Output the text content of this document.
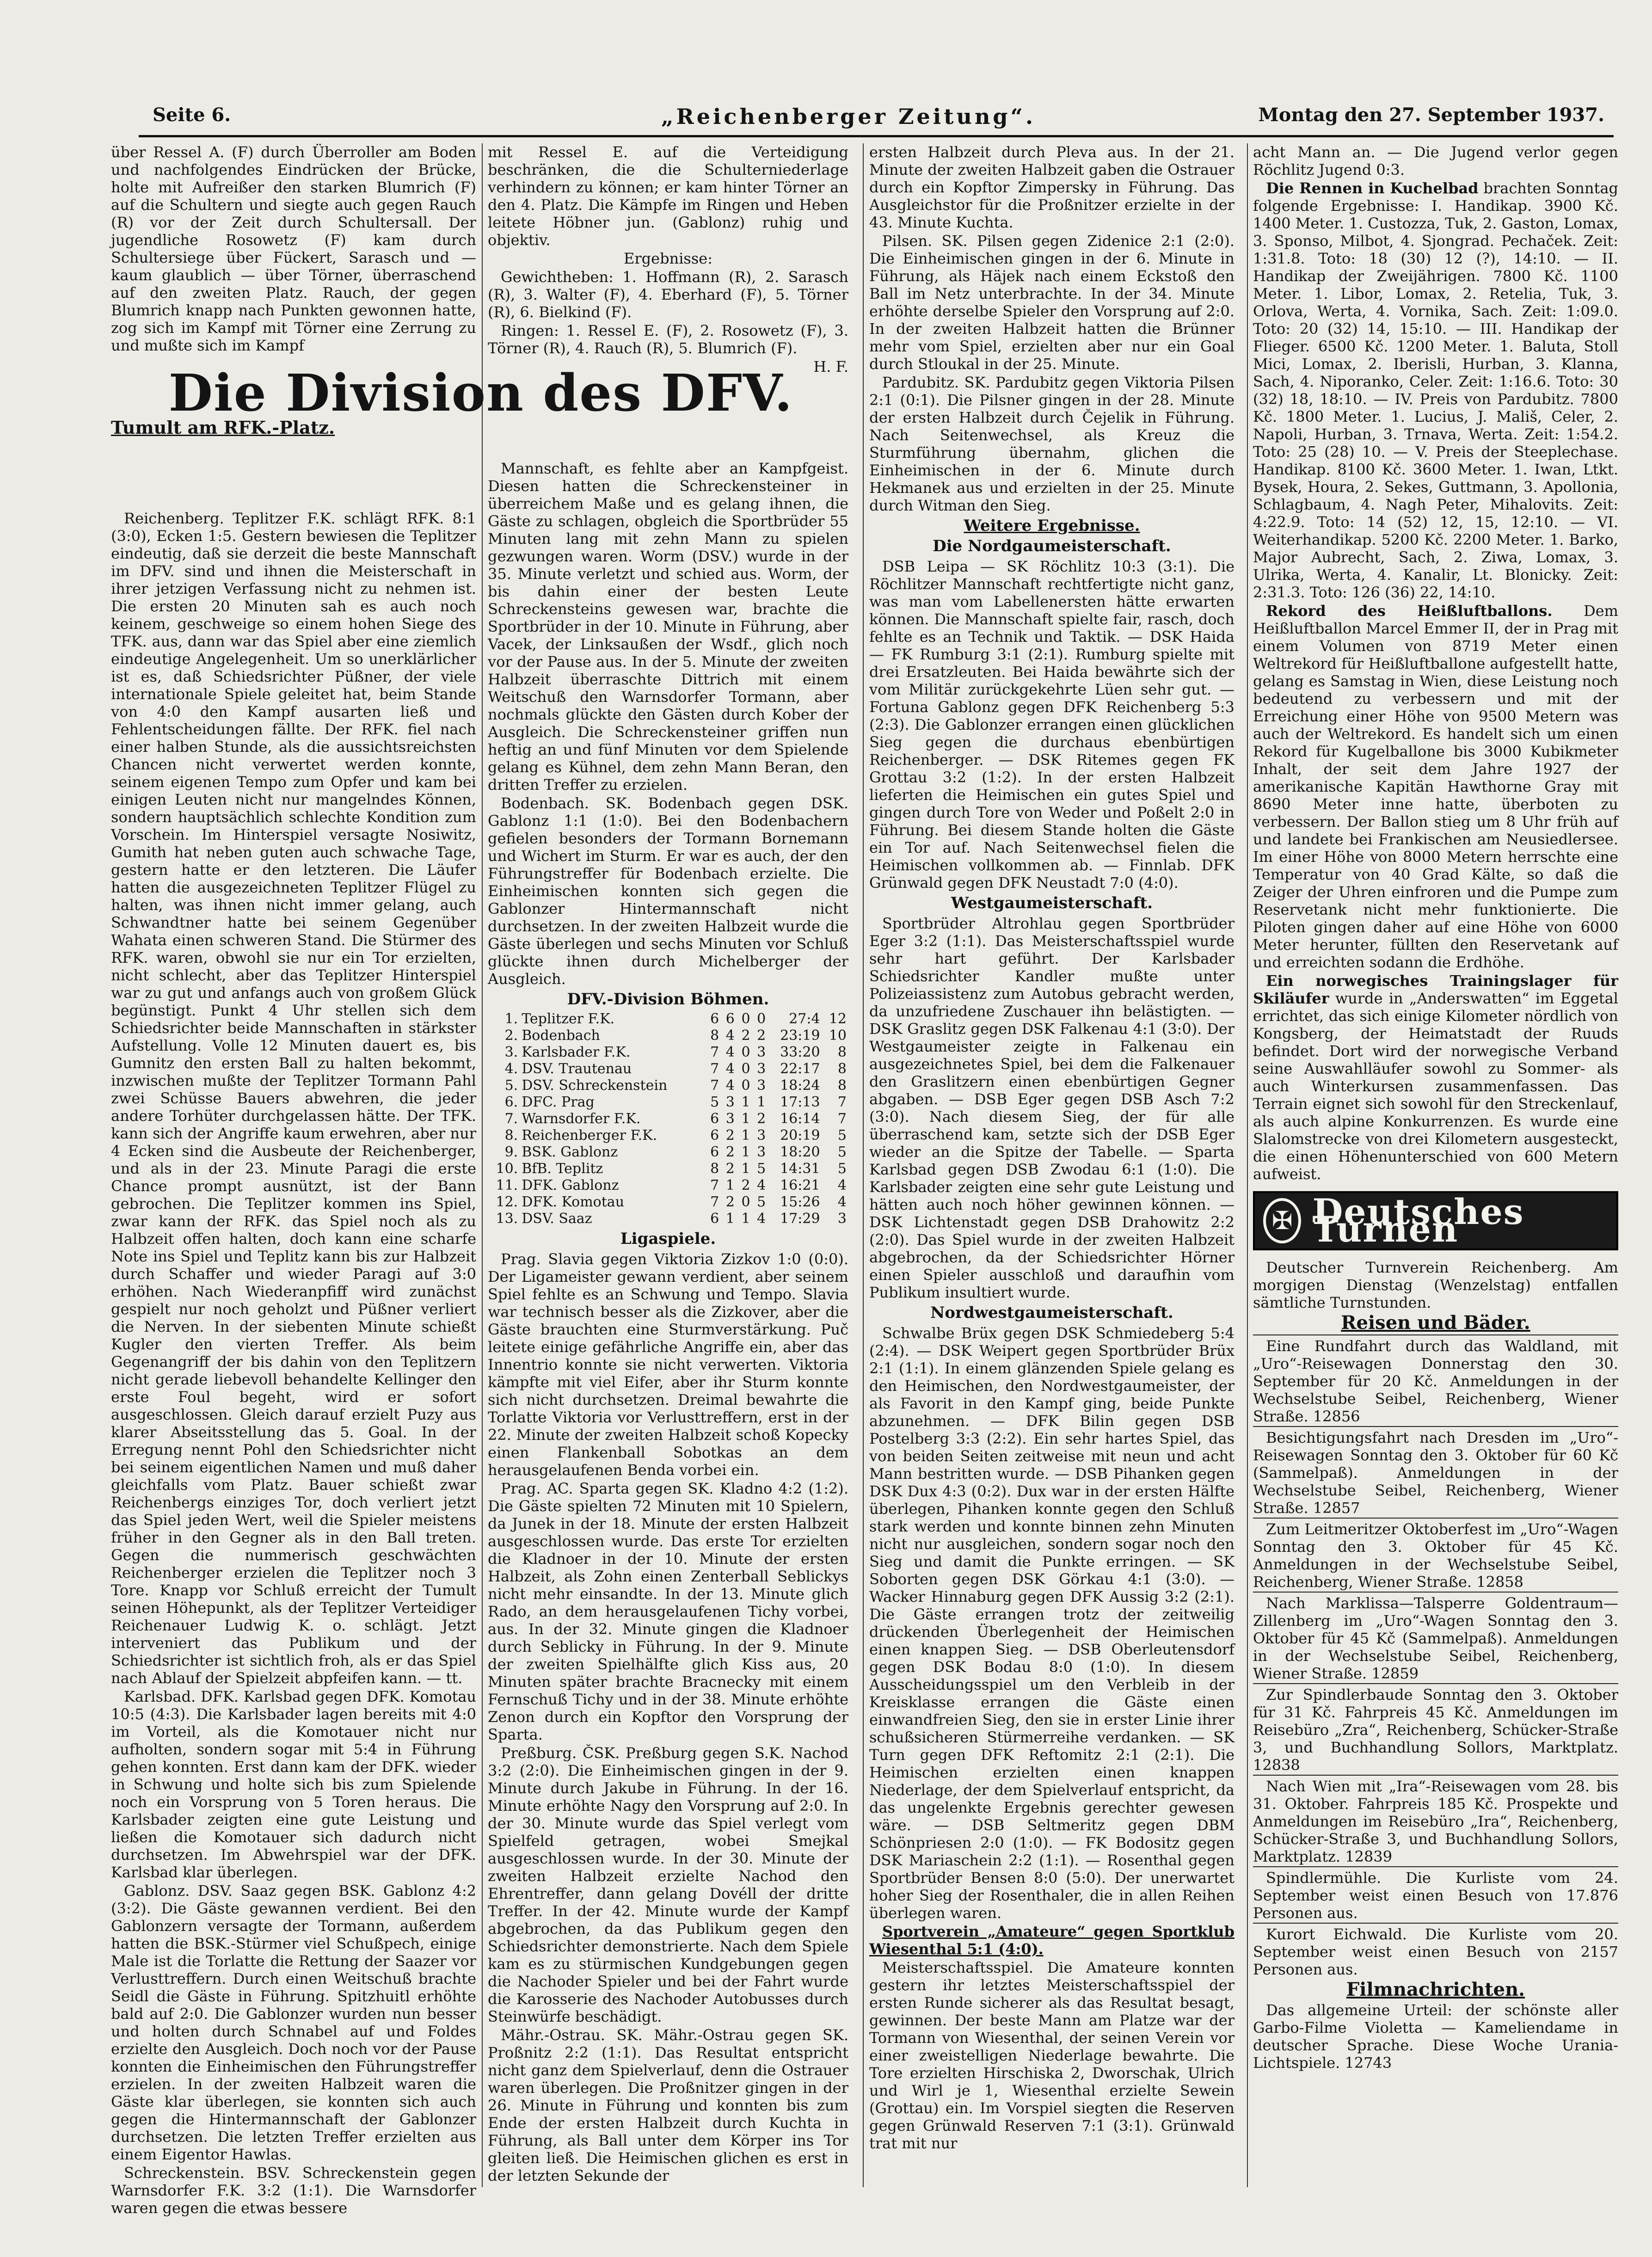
Seite 6.	„Reichenberger Zeitung“.	Montag den 27. September 1937.

über Ressel A. (F) durch Überroller am Boden und nachfolgendes Eindrücken der Brücke, holte mit Aufreißer den starken Blumrich (F) auf die Schultern und siegte auch gegen Rauch (R) vor der Zeit durch Schultersall. Der jugendliche Rosowetz (F) kam durch Schultersiege über Fückert, Sarasch und — kaum glaublich — über Törner, überraschend auf den zweiten Platz. Rauch, der gegen Blumrich knapp nach Punkten gewonnen hatte, zog sich im Kampf mit Törner eine Zerrung zu und mußte sich im Kampf

Tumult am RFK.-Platz.

Reichenberg. Teplitzer F.K. schlägt RFK. 8:1 (3:0), Ecken 1:5. Gestern bewiesen die Teplitzer eindeutig, daß sie derzeit die beste Mannschaft im DFV. sind und ihnen die Meisterschaft in ihrer jetzigen Verfassung nicht zu nehmen ist. Die ersten 20 Minuten sah es auch noch keinem, geschweige so einem hohen Siege des TFK. aus, dann war das Spiel aber eine ziemlich eindeutige Angelegenheit. Um so unerklärlicher ist es, daß Schiedsrichter Püßner, der viele internationale Spiele geleitet hat, beim Stande von 4:0 den Kampf ausarten ließ und Fehlentscheidungen fällte. Der RFK. fiel nach einer halben Stunde, als die aussichtsreichsten Chancen nicht verwertet werden konnte, seinem eigenen Tempo zum Opfer und kam bei einigen Leuten nicht nur mangelndes Können, sondern hauptsächlich schlechte Kondition zum Vorschein. Im Hinterspiel versagte Nosiwitz, Gumith hat neben guten auch schwache Tage, gestern hatte er den letzteren. Die Läufer hatten die ausgezeichneten Teplitzer Flügel zu halten, was ihnen nicht immer gelang, auch Schwandtner hatte bei seinem Gegenüber Wahata einen schweren Stand. Die Stürmer des RFK. waren, obwohl sie nur ein Tor erzielten, nicht schlecht, aber das Teplitzer Hinterspiel war zu gut und anfangs auch von großem Glück begünstigt. Punkt 4 Uhr stellen sich dem Schiedsrichter beide Mannschaften in stärkster Aufstellung. Volle 12 Minuten dauert es, bis Gumnitz den ersten Ball zu halten bekommt, inzwischen mußte der Teplitzer Tormann Pahl zwei Schüsse Bauers abwehren, die jeder andere Torhüter durchgelassen hätte. Der TFK. kann sich der Angriffe kaum erwehren, aber nur 4 Ecken sind die Ausbeute der Reichenberger, und als in der 23. Minute Paragi die erste Chance prompt ausnützt, ist der Bann gebrochen. Die Teplitzer kommen ins Spiel, zwar kann der RFK. das Spiel noch als zu Halbzeit offen halten, doch kann eine scharfe Note ins Spiel und Teplitz kann bis zur Halbzeit durch Schaffer und wieder Paragi auf 3:0 erhöhen. Nach Wiederanpfiff wird zunächst gespielt nur noch geholzt und Püßner verliert die Nerven. In der siebenten Minute schießt Kugler den vierten Treffer. Als beim Gegenangriff der bis dahin von den Teplitzern nicht gerade liebevoll behandelte Kellinger den erste Foul begeht, wird er sofort ausgeschlossen. Gleich darauf erzielt Puzy aus klarer Abseitsstellung das 5. Goal. In der Erregung nennt Pohl den Schiedsrichter nicht bei seinem eigentlichen Namen und muß daher gleichfalls vom Platz. Bauer schießt zwar Reichenbergs einziges Tor, doch verliert jetzt das Spiel jeden Wert, weil die Spieler meistens früher in den Gegner als in den Ball treten. Gegen die nummerisch geschwächten Reichenberger erzielen die Teplitzer noch 3 Tore. Knapp vor Schluß erreicht der Tumult seinen Höhepunkt, als der Teplitzer Verteidiger Reichenauer Ludwig K. o. schlägt. Jetzt interveniert das Publikum und der Schiedsrichter ist sichtlich froh, als er das Spiel nach Ablauf der Spielzeit abpfeifen kann. — tt.

Karlsbad. DFK. Karlsbad gegen DFK. Komotau 10:5 (4:3). Die Karlsbader lagen bereits mit 4:0 im Vorteil, als die Komotauer nicht nur aufholten, sondern sogar mit 5:4 in Führung gehen konnten. Erst dann kam der DFK. wieder in Schwung und holte sich bis zum Spielende noch ein Vorsprung von 5 Toren heraus. Die Karlsbader zeigten eine gute Leistung und ließen die Komotauer sich dadurch nicht durchsetzen. Im Abwehrspiel war der DFK. Karlsbad klar überlegen.

Gablonz. DSV. Saaz gegen BSK. Gablonz 4:2 (3:2). Die Gäste gewannen verdient. Bei den Gablonzern versagte der Tormann, außerdem hatten die BSK.-Stürmer viel Schußpech, einige Male ist die Torlatte die Rettung der Saazer vor Verlusttreffern. Durch einen Weitschuß brachte Seidl die Gäste in Führung. Spitzhuitl erhöhte bald auf 2:0. Die Gablonzer wurden nun besser und holten durch Schnabel auf und Foldes erzielte den Ausgleich. Doch noch vor der Pause konnten die Einheimischen den Führungstreffer erzielen. In der zweiten Halbzeit waren die Gäste klar überlegen, sie konnten sich auch gegen die Hintermannschaft der Gablonzer durchsetzen. Die letzten Treffer erzielten aus einem Eigentor Hawlas.

Schreckenstein. BSV. Schreckenstein gegen Warnsdorfer F.K. 3:2 (1:1). Die Warnsdorfer waren gegen die etwas bessere

Die Division des DFV.

mit Ressel E. auf die Verteidigung beschränken, die die Schulterniederlage verhindern zu können; er kam hinter Törner an den 4. Platz. Die Kämpfe im Ringen und Heben leitete Höbner jun. (Gablonz) ruhig und objektiv.

Ergebnisse:

Gewichtheben: 1. Hoffmann (R), 2. Sarasch (R), 3. Walter (F), 4. Eberhard (F), 5. Törner (R), 6. Bielkind (F).

Ringen: 1. Ressel E. (F), 2. Rosowetz (F), 3. Törner (R), 4. Rauch (R), 5. Blumrich (F).

H. F.

Mannschaft, es fehlte aber an Kampfgeist. Diesen hatten die Schreckensteiner in überreichem Maße und es gelang ihnen, die Gäste zu schlagen, obgleich die Sportbrüder 55 Minuten lang mit zehn Mann zu spielen gezwungen waren. Worm (DSV.) wurde in der 35. Minute verletzt und schied aus. Worm, der bis dahin einer der besten Leute Schreckensteins gewesen war, brachte die Sportbrüder in der 10. Minute in Führung, aber Vacek, der Linksaußen der Wsdf., glich noch vor der Pause aus. In der 5. Minute der zweiten Halbzeit überraschte Dittrich mit einem Weitschuß den Warnsdorfer Tormann, aber nochmals glückte den Gästen durch Kober der Ausgleich. Die Schreckensteiner griffen nun heftig an und fünf Minuten vor dem Spielende gelang es Kühnel, dem zehn Mann Beran, den dritten Treffer zu erzielen.

Bodenbach. SK. Bodenbach gegen DSK. Gablonz 1:1 (1:0). Bei den Bodenbachern gefielen besonders der Tormann Bornemann und Wichert im Sturm. Er war es auch, der den Führungstreffer für Bodenbach erzielte. Die Einheimischen konnten sich gegen die Gablonzer Hintermannschaft nicht durchsetzen. In der zweiten Halbzeit wurde die Gäste überlegen und sechs Minuten vor Schluß glückte ihnen durch Michelberger der Ausgleich.

DFV.-Division Böhmen.
1.	Teplitzer F.K.	6	6	0	0	27:4	12
2.	Bodenbach	8	4	2	2	23:19	10
3.	Karlsbader F.K.	7	4	0	3	33:20	8
4.	DSV. Trautenau	7	4	0	3	22:17	8
5.	DSV. Schreckenstein	7	4	0	3	18:24	8
6.	DFC. Prag	5	3	1	1	17:13	7
7.	Warnsdorfer F.K.	6	3	1	2	16:14	7
8.	Reichenberger F.K.	6	2	1	3	20:19	5
9.	BSK. Gablonz	6	2	1	3	18:20	5
10.	BfB. Teplitz	8	2	1	5	14:31	5
11.	DFK. Gablonz	7	1	2	4	16:21	4
12.	DFK. Komotau	7	2	0	5	15:26	4
13.	DSV. Saaz	6	1	1	4	17:29	3
Ligaspiele.

Prag. Slavia gegen Viktoria Zizkov 1:0 (0:0). Der Ligameister gewann verdient, aber seinem Spiel fehlte es an Schwung und Tempo. Slavia war technisch besser als die Zizkover, aber die Gäste brauchten eine Sturmverstärkung. Puč leitete einige gefährliche Angriffe ein, aber das Innentrio konnte sie nicht verwerten. Viktoria kämpfte mit viel Eifer, aber ihr Sturm konnte sich nicht durchsetzen. Dreimal bewahrte die Torlatte Viktoria vor Verlusttreffern, erst in der 22. Minute der zweiten Halbzeit schoß Kopecky einen Flankenball Sobotkas an dem herausgelaufenen Benda vorbei ein.

Prag. AC. Sparta gegen SK. Kladno 4:2 (1:2). Die Gäste spielten 72 Minuten mit 10 Spielern, da Junek in der 18. Minute der ersten Halbzeit ausgeschlossen wurde. Das erste Tor erzielten die Kladnoer in der 10. Minute der ersten Halbzeit, als Zohn einen Zenterball Seblickys nicht mehr einsandte. In der 13. Minute glich Rado, an dem herausgelaufenen Tichy vorbei, aus. In der 32. Minute gingen die Kladnoer durch Seblicky in Führung. In der 9. Minute der zweiten Spielhälfte glich Kiss aus, 20 Minuten später brachte Bracnecky mit einem Fernschuß Tichy und in der 38. Minute erhöhte Zenon durch ein Kopftor den Vorsprung der Sparta.

Preßburg. ČSK. Preßburg gegen S.K. Nachod 3:2 (2:0). Die Einheimischen gingen in der 9. Minute durch Jakube in Führung. In der 16. Minute erhöhte Nagy den Vorsprung auf 2:0. In der 30. Minute wurde das Spiel verlegt vom Spielfeld getragen, wobei Smejkal ausgeschlossen wurde. In der 30. Minute der zweiten Halbzeit erzielte Nachod den Ehrentreffer, dann gelang Dovéll der dritte Treffer. In der 42. Minute wurde der Kampf abgebrochen, da das Publikum gegen den Schiedsrichter demonstrierte. Nach dem Spiele kam es zu stürmischen Kundgebungen gegen die Nachoder Spieler und bei der Fahrt wurde die Karosserie des Nachoder Autobusses durch Steinwürfe beschädigt.

Mähr.-Ostrau. SK. Mähr.-Ostrau gegen SK. Proßnitz 2:2 (1:1). Das Resultat entspricht nicht ganz dem Spielverlauf, denn die Ostrauer waren überlegen. Die Proßnitzer gingen in der 26. Minute in Führung und konnten bis zum Ende der ersten Halbzeit durch Kuchta in Führung, als Ball unter dem Körper ins Tor gleiten ließ. Die Heimischen glichen es erst in der letzten Sekunde der

ersten Halbzeit durch Pleva aus. In der 21. Minute der zweiten Halbzeit gaben die Ostrauer durch ein Kopftor Zimpersky in Führung. Das Ausgleichstor für die Proßnitzer erzielte in der 43. Minute Kuchta.

Pilsen. SK. Pilsen gegen Zidenice 2:1 (2:0). Die Einheimischen gingen in der 6. Minute in Führung, als Häjek nach einem Eckstoß den Ball im Netz unterbrachte. In der 34. Minute erhöhte derselbe Spieler den Vorsprung auf 2:0. In der zweiten Halbzeit hatten die Brünner mehr vom Spiel, erzielten aber nur ein Goal durch Stloukal in der 25. Minute.

Pardubitz. SK. Pardubitz gegen Viktoria Pilsen 2:1 (0:1). Die Pilsner gingen in der 28. Minute der ersten Halbzeit durch Čejelik in Führung. Nach Seitenwechsel, als Kreuz die Sturmführung übernahm, glichen die Einheimischen in der 6. Minute durch Hekmanek aus und erzielten in der 25. Minute durch Witman den Sieg.

Weitere Ergebnisse.
Die Nordgaumeisterschaft.

DSB Leipa — SK Röchlitz 10:3 (3:1). Die Röchlitzer Mannschaft rechtfertigte nicht ganz, was man vom Labellenersten hätte erwarten können. Die Mannschaft spielte fair, rasch, doch fehlte es an Technik und Taktik. — DSK Haida — FK Rumburg 3:1 (2:1). Rumburg spielte mit drei Ersatzleuten. Bei Haida bewährte sich der vom Militär zurückgekehrte Lüen sehr gut. — Fortuna Gablonz gegen DFK Reichenberg 5:3 (2:3). Die Gablonzer errangen einen glücklichen Sieg gegen die durchaus ebenbürtigen Reichenberger. — DSK Ritemes gegen FK Grottau 3:2 (1:2). In der ersten Halbzeit lieferten die Heimischen ein gutes Spiel und gingen durch Tore von Weder und Poßelt 2:0 in Führung. Bei diesem Stande holten die Gäste ein Tor auf. Nach Seitenwechsel fielen die Heimischen vollkommen ab. — Finnlab. DFK Grünwald gegen DFK Neustadt 7:0 (4:0).

Westgaumeisterschaft.

Sportbrüder Altrohlau gegen Sportbrüder Eger 3:2 (1:1). Das Meisterschaftsspiel wurde sehr hart geführt. Der Karlsbader Schiedsrichter Kandler mußte unter Polizeiassistenz zum Autobus gebracht werden, da unzufriedene Zuschauer ihn belästigten. — DSK Graslitz gegen DSK Falkenau 4:1 (3:0). Der Westgaumeister zeigte in Falkenau ein ausgezeichnetes Spiel, bei dem die Falkenauer den Graslitzern einen ebenbürtigen Gegner abgaben. — DSB Eger gegen DSB Asch 7:2 (3:0). Nach diesem Sieg, der für alle überraschend kam, setzte sich der DSB Eger wieder an die Spitze der Tabelle. — Sparta Karlsbad gegen DSB Zwodau 6:1 (1:0). Die Karlsbader zeigten eine sehr gute Leistung und hätten auch noch höher gewinnen können. — DSK Lichtenstadt gegen DSB Drahowitz 2:2 (2:0). Das Spiel wurde in der zweiten Halbzeit abgebrochen, da der Schiedsrichter Hörner einen Spieler ausschloß und daraufhin vom Publikum insultiert wurde.

Nordwestgaumeisterschaft.

Schwalbe Brüx gegen DSK Schmiedeberg 5:4 (2:4). — DSK Weipert gegen Sportbrüder Brüx 2:1 (1:1). In einem glänzenden Spiele gelang es den Heimischen, den Nordwestgaumeister, der als Favorit in den Kampf ging, beide Punkte abzunehmen. — DFK Bilin gegen DSB Postelberg 3:3 (2:2). Ein sehr hartes Spiel, das von beiden Seiten zeitweise mit neun und acht Mann bestritten wurde. — DSB Pihanken gegen DSK Dux 4:3 (0:2). Dux war in der ersten Hälfte überlegen, Pihanken konnte gegen den Schluß stark werden und konnte binnen zehn Minuten nicht nur ausgleichen, sondern sogar noch den Sieg und damit die Punkte erringen. — SK Soborten gegen DSK Görkau 4:1 (3:0). — Wacker Hinnaburg gegen DFK Aussig 3:2 (2:1). Die Gäste errangen trotz der zeitweilig drückenden Überlegenheit der Heimischen einen knappen Sieg. — DSB Oberleutensdorf gegen DSK Bodau 8:0 (1:0). In diesem Ausscheidungsspiel um den Verbleib in der Kreisklasse errangen die Gäste einen einwandfreien Sieg, den sie in erster Linie ihrer schußsicheren Stürmerreihe verdanken. — SK Turn gegen DFK Reftomitz 2:1 (2:1). Die Heimischen erzielten einen knappen Niederlage, der dem Spielverlauf entspricht, da das ungelenkte Ergebnis gerechter gewesen wäre. — DSB Seltmeritz gegen DBM Schönpriesen 2:0 (1:0). — FK Bodositz gegen DSK Mariaschein 2:2 (1:1). — Rosenthal gegen Sportbrüder Bensen 8:0 (5:0). Der unerwartet hoher Sieg der Rosenthaler, die in allen Reihen überlegen waren.

Sportverein „Amateure“ gegen Sportklub Wiesenthal 5:1 (4:0).

Meisterschaftsspiel. Die Amateure konnten gestern ihr letztes Meisterschaftsspiel der ersten Runde sicherer als das Resultat besagt, gewinnen. Der beste Mann am Platze war der Tormann von Wiesenthal, der seinen Verein vor einer zweistelligen Niederlage bewahrte. Die Tore erzielten Hirschiska 2, Dworschak, Ulrich und Wirl je 1, Wiesenthal erzielte Sewein (Grottau) ein. Im Vorspiel siegten die Reserven gegen Grünwald Reserven 7:1 (3:1). Grünwald trat mit nur

acht Mann an. — Die Jugend verlor gegen Röchlitz Jugend 0:3.

Die Rennen in Kuchelbad brachten Sonntag folgende Ergebnisse: I. Handikap. 3900 Kč. 1400 Meter. 1. Custozza, Tuk, 2. Gaston, Lomax, 3. Sponso, Milbot, 4. Sjongrad. Pechaček. Zeit: 1:31.8. Toto: 18 (30) 12 (?), 14:10. — II. Handikap der Zweijährigen. 7800 Kč. 1100 Meter. 1. Libor, Lomax, 2. Retelia, Tuk, 3. Orlova, Werta, 4. Vornika, Sach. Zeit: 1:09.0. Toto: 20 (32) 14, 15:10. — III. Handikap der Flieger. 6500 Kč. 1200 Meter. 1. Baluta, Stoll Mici, Lomax, 2. Iberisli, Hurban, 3. Klanna, Sach, 4. Niporanko, Celer. Zeit: 1:16.6. Toto: 30 (32) 18, 18:10. — IV. Preis von Pardubitz. 7800 Kč. 1800 Meter. 1. Lucius, J. Mališ, Celer, 2. Napoli, Hurban, 3. Trnava, Werta. Zeit: 1:54.2. Toto: 25 (28) 10. — V. Preis der Steeplechase. Handikap. 8100 Kč. 3600 Meter. 1. Iwan, Ltkt. Bysek, Houra, 2. Sekes, Guttmann, 3. Apollonia, Schlagbaum, 4. Nagh Peter, Mihalovits. Zeit: 4:22.9. Toto: 14 (52) 12, 15, 12:10. — VI. Weiterhandikap. 5200 Kč. 2200 Meter. 1. Barko, Major Aubrecht, Sach, 2. Ziwa, Lomax, 3. Ulrika, Werta, 4. Kanalir, Lt. Blonicky. Zeit: 2:31.3. Toto: 126 (36) 22, 14:10.

Rekord des Heißluftballons. Dem Heißluftballon Marcel Emmer II, der in Prag mit einem Volumen von 8719 Meter einen Weltrekord für Heißluftballone aufgestellt hatte, gelang es Samstag in Wien, diese Leistung noch bedeutend zu verbessern und mit der Erreichung einer Höhe von 9500 Metern was auch der Weltrekord. Es handelt sich um einen Rekord für Kugelballone bis 3000 Kubikmeter Inhalt, der seit dem Jahre 1927 der amerikanische Kapitän Hawthorne Gray mit 8690 Meter inne hatte, überboten zu verbessern. Der Ballon stieg um 8 Uhr früh auf und landete bei Frankischen am Neusiedlersee. Im einer Höhe von 8000 Metern herrschte eine Temperatur von 40 Grad Kälte, so daß die Zeiger der Uhren einfroren und die Pumpe zum Reservetank nicht mehr funktionierte. Die Piloten gingen daher auf eine Höhe von 6000 Meter herunter, füllten den Reservetank auf und erreichten sodann die Erdhöhe.

Ein norwegisches Trainingslager für Skiläufer wurde in „Anderswatten“ im Eggetal errichtet, das sich einige Kilometer nördlich von Kongsberg, der Heimatstadt der Ruuds befindet. Dort wird der norwegische Verband seine Auswahlläufer sowohl zu Sommer- als auch Winterkursen zusammenfassen. Das Terrain eignet sich sowohl für den Streckenlauf, als auch alpine Konkurrenzen. Es wurde eine Slalomstrecke von drei Kilometern ausgesteckt, die einen Höhenunterschied von 600 Metern aufweist.

✠ Deutsches Turnen

Deutscher Turnverein Reichenberg. Am morgigen Dienstag (Wenzelstag) entfallen sämtliche Turnstunden.

Reisen und Bäder.

Eine Rundfahrt durch das Waldland, mit „Uro“-Reisewagen Donnerstag den 30. September für 20 Kč. Anmeldungen in der Wechselstube Seibel, Reichenberg, Wiener Straße. 12856

Besichtigungsfahrt nach Dresden im „Uro“-Reisewagen Sonntag den 3. Oktober für 60 Kč (Sammelpaß). Anmeldungen in der Wechselstube Seibel, Reichenberg, Wiener Straße. 12857

Zum Leitmeritzer Oktoberfest im „Uro“-Wagen Sonntag den 3. Oktober für 45 Kč. Anmeldungen in der Wechselstube Seibel, Reichenberg, Wiener Straße. 12858

Nach Marklissa—Talsperre Goldentraum—Zillenberg im „Uro“-Wagen Sonntag den 3. Oktober für 45 Kč (Sammelpaß). Anmeldungen in der Wechselstube Seibel, Reichenberg, Wiener Straße. 12859

Zur Spindlerbaude Sonntag den 3. Oktober für 31 Kč. Fahrpreis 45 Kč. Anmeldungen im Reisebüro „Zra“, Reichenberg, Schücker-Straße 3, und Buchhandlung Sollors, Marktplatz. 12838

Nach Wien mit „Ira“-Reisewagen vom 28. bis 31. Oktober. Fahrpreis 185 Kč. Prospekte und Anmeldungen im Reisebüro „Ira“, Reichenberg, Schücker-Straße 3, und Buchhandlung Sollors, Marktplatz. 12839

Spindlermühle. Die Kurliste vom 24. September weist einen Besuch von 17.876 Personen aus.

Kurort Eichwald. Die Kurliste vom 20. September weist einen Besuch von 2157 Personen aus.

Filmnachrichten.

Das allgemeine Urteil: der schönste aller Garbo-Filme Violetta — Kameliendame in deutscher Sprache. Diese Woche Urania-Lichtspiele. 12743
